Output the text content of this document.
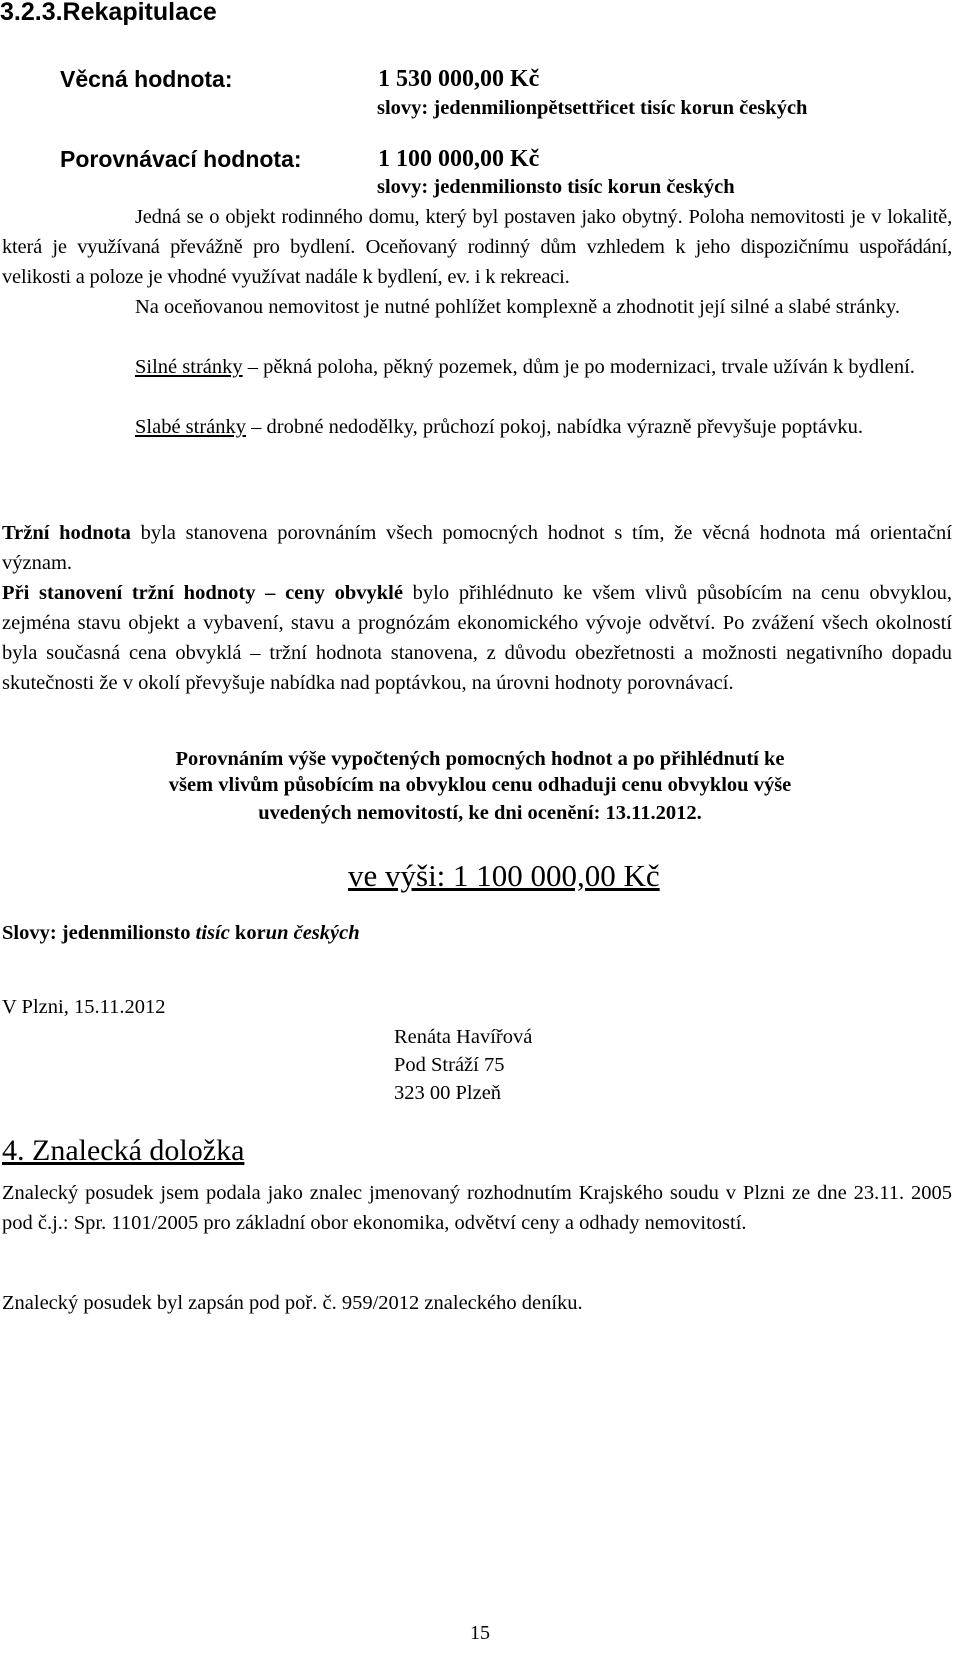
3.2.3.Rekapitulace
Věcná hodnota:	1 530 000,00 Kč
slovy: jedenmilionpětsettřicet tisíc korun českých
Porovnávací hodnota:	1 100 000,00 Kč
slovy: jedenmilionsto tisíc korun českých
Jedná se o objekt rodinného domu, který byl postaven jako obytný. Poloha nemovitosti je v lokalitě, která je využívaná převážně pro bydlení. Oceňovaný rodinný dům vzhledem k jeho dispozičnímu uspořádání, velikosti a poloze je vhodné využívat nadále k bydlení, ev. i k rekreaci.
Na oceňovanou nemovitost je nutné pohlížet komplexně a zhodnotit její silné a slabé stránky.
Silné stránky – pěkná poloha, pěkný pozemek, dům je po modernizaci, trvale užíván k bydlení.
Slabé stránky – drobné nedodělky, průchozí pokoj, nabídka výrazně převyšuje poptávku.
Tržní hodnota byla stanovena porovnáním všech pomocných hodnot s tím, že věcná hodnota má orientační význam.
Při stanovení tržní hodnoty – ceny obvyklé bylo přihlédnuto ke všem vlivů působícím na cenu obvyklou, zejména stavu objekt a vybavení, stavu a prognózám ekonomického vývoje odvětví. Po zvážení všech okolností byla současná cena obvyklá – tržní hodnota stanovena, z důvodu obezřetnosti a možnosti negativního dopadu skutečnosti že v okolí převyšuje nabídka nad poptávkou, na úrovni hodnoty porovnávací.
Porovnáním výše vypočtených pomocných hodnot a po přihlédnutí ke
všem vlivům působícím na obvyklou cenu odhaduji cenu obvyklou výše
uvedených nemovitostí, ke dni ocenění: 13.11.2012.
ve výši: 1 100 000,00 Kč
Slovy: jedenmilionsto tisíc korun českých
V Plzni, 15.11.2012
Renáta Havířová
Pod Stráží 75
323 00 Plzeň
4. Znalecká doložka
Znalecký posudek jsem podala jako znalec jmenovaný rozhodnutím Krajského soudu v Plzni ze dne 23.11. 2005 pod č.j.: Spr. 1101/2005 pro základní obor ekonomika, odvětví ceny a odhady nemovitostí.
Znalecký posudek byl zapsán pod poř. č. 959/2012 znaleckého deníku.
15
